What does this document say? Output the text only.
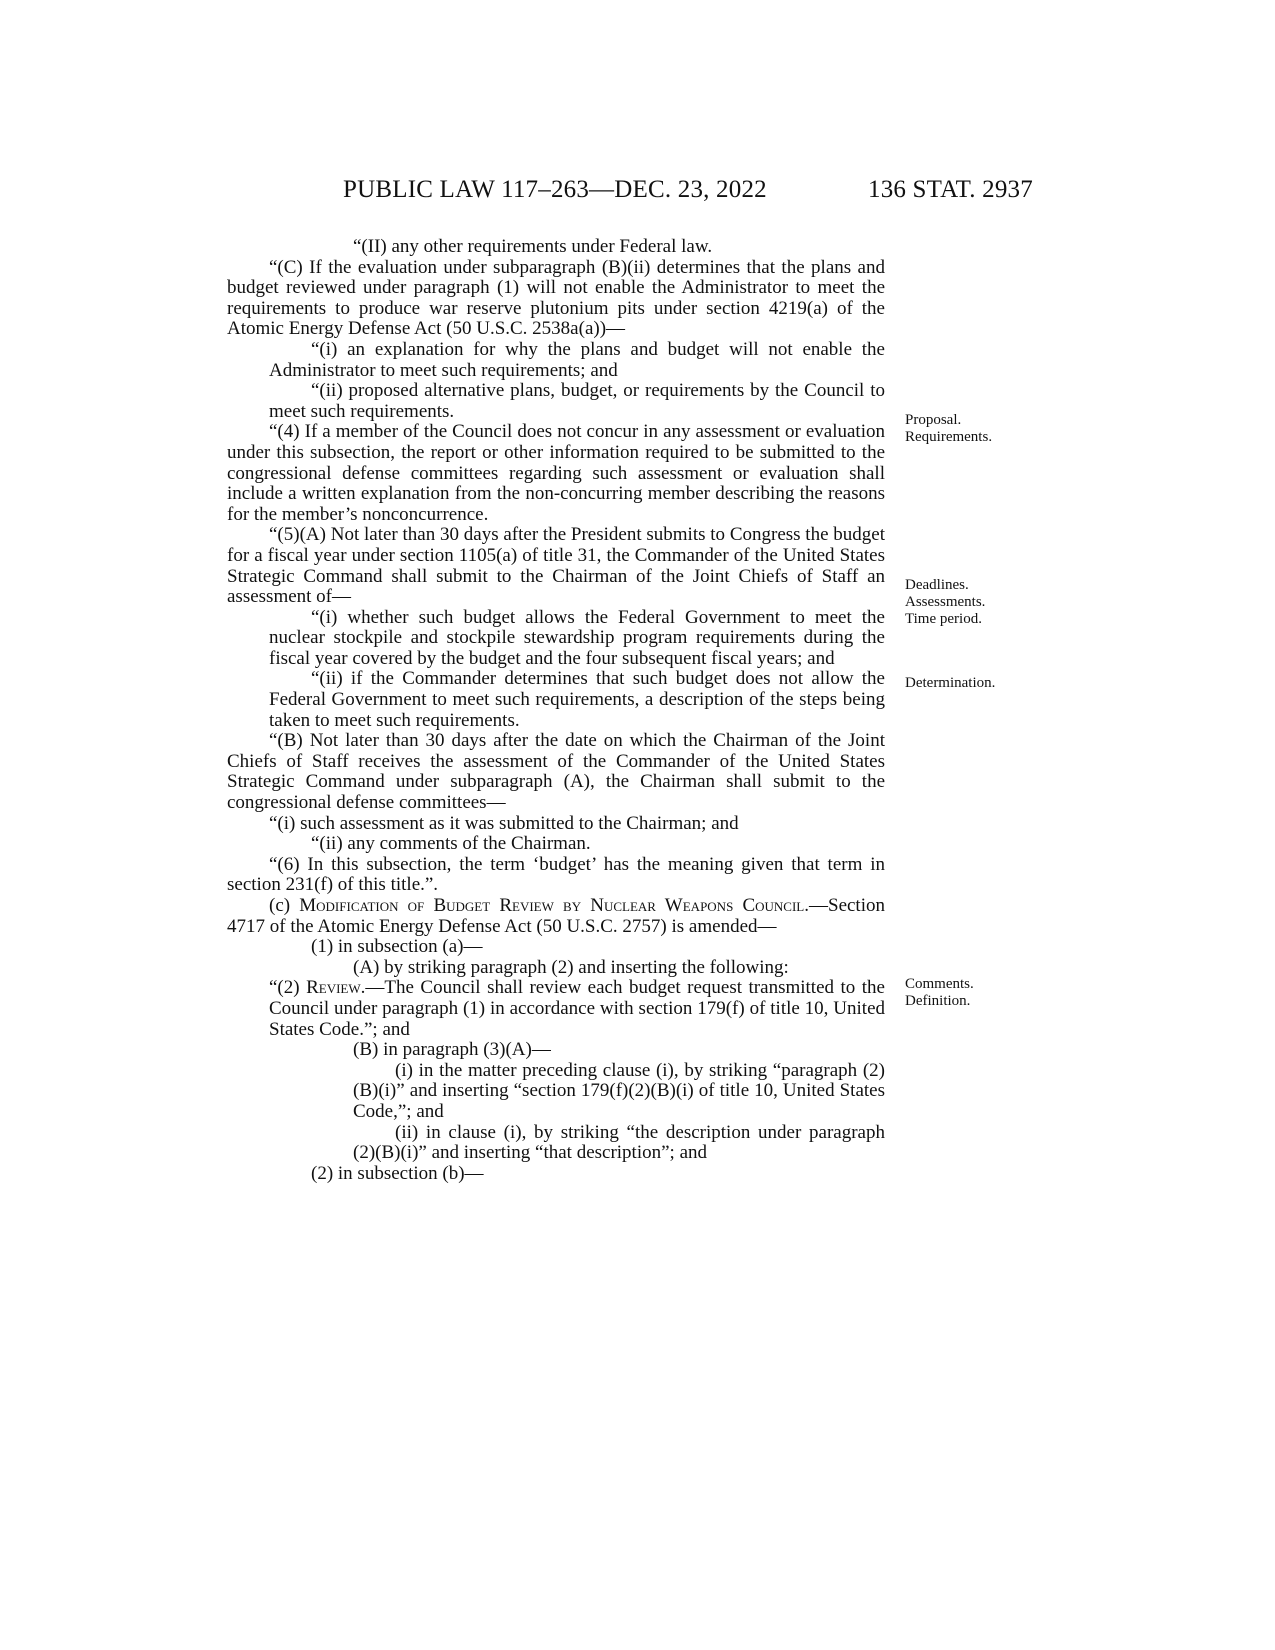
PUBLIC LAW 117–263—DEC. 23, 2022	136 STAT. 2937

“(II) any other requirements under Federal law.

“(C) If the evaluation under subparagraph (B)(ii) determines that the plans and budget reviewed under paragraph (1) will not enable the Administrator to meet the requirements to produce war reserve plutonium pits under section 4219(a) of the Atomic Energy Defense Act (50 U.S.C. 2538a(a))—

“(i) an explanation for why the plans and budget will not enable the Administrator to meet such requirements; and

“(ii) proposed alternative plans, budget, or requirements by the Council to meet such requirements.

“(4) If a member of the Council does not concur in any assessment or evaluation under this subsection, the report or other information required to be submitted to the congressional defense committees regarding such assessment or evaluation shall include a written explanation from the non-concurring member describing the reasons for the member’s nonconcurrence.

“(5)(A) Not later than 30 days after the President submits to Congress the budget for a fiscal year under section 1105(a) of title 31, the Commander of the United States Strategic Command shall submit to the Chairman of the Joint Chiefs of Staff an assessment of—

“(i) whether such budget allows the Federal Government to meet the nuclear stockpile and stockpile stewardship program requirements during the fiscal year covered by the budget and the four subsequent fiscal years; and

“(ii) if the Commander determines that such budget does not allow the Federal Government to meet such requirements, a description of the steps being taken to meet such requirements.

“(B) Not later than 30 days after the date on which the Chairman of the Joint Chiefs of Staff receives the assessment of the Commander of the United States Strategic Command under subparagraph (A), the Chairman shall submit to the congressional defense committees—

“(i) such assessment as it was submitted to the Chairman; and

“(ii) any comments of the Chairman.

“(6) In this subsection, the term ‘budget’ has the meaning given that term in section 231(f) of this title.”.

(c) Modification of Budget Review by Nuclear Weapons Council.—Section 4717 of the Atomic Energy Defense Act (50 U.S.C. 2757) is amended—

(1) in subsection (a)—

(A) by striking paragraph (2) and inserting the following:

“(2) Review.—The Council shall review each budget request transmitted to the Council under paragraph (1) in accordance with section 179(f) of title 10, United States Code.”; and

(B) in paragraph (3)(A)—

(i) in the matter preceding clause (i), by striking “paragraph (2)(B)(i)” and inserting “section 179(f)(2)(B)(i) of title 10, United States Code,”; and

(ii) in clause (i), by striking “the description under paragraph (2)(B)(i)” and inserting “that description”; and

(2) in subsection (b)—

Proposal.
Requirements.
Deadlines.
Assessments.
Time period.
Determination.
Comments.
Definition.
